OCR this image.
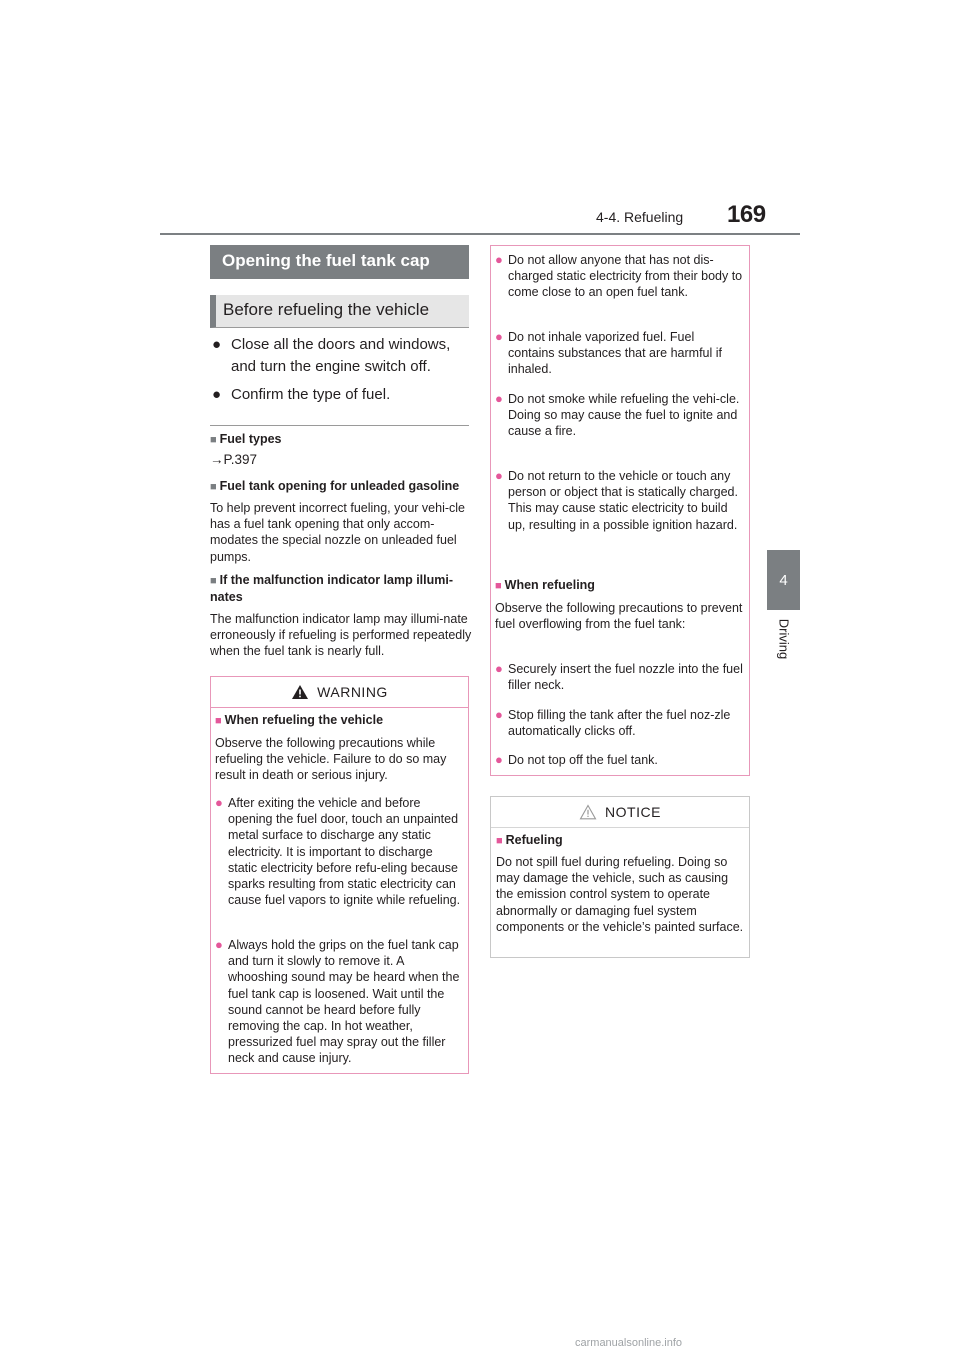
4-4. Refueling 169
4
Driving
Opening the fuel tank cap
Before refueling the vehicle
● Close all the doors and windows, and turn the engine switch off.
● Confirm the type of fuel.
■ Fuel types
→P.397
■ Fuel tank opening for unleaded gasoline
To help prevent incorrect fueling, your vehi-cle has a fuel tank opening that only accom-modates the special nozzle on unleaded fuel pumps.
■ If the malfunction indicator lamp illumi-nates
The malfunction indicator lamp may illumi-nate erroneously if refueling is performed repeatedly when the fuel tank is nearly full.
WARNING
■ When refueling the vehicle
Observe the following precautions while refueling the vehicle. Failure to do so may result in death or serious injury.
● After exiting the vehicle and before opening the fuel door, touch an unpainted metal surface to discharge any static electricity. It is important to discharge static electricity before refu-eling because sparks resulting from static electricity can cause fuel vapors to ignite while refueling.
● Always hold the grips on the fuel tank cap and turn it slowly to remove it. A whooshing sound may be heard when the fuel tank cap is loosened. Wait until the sound cannot be heard before fully removing the cap. In hot weather, pressurized fuel may spray out the filler neck and cause injury.
● Do not allow anyone that has not dis-charged static electricity from their body to come close to an open fuel tank.
● Do not inhale vaporized fuel. Fuel contains substances that are harmful if inhaled.
● Do not smoke while refueling the vehi-cle. Doing so may cause the fuel to ignite and cause a fire.
● Do not return to the vehicle or touch any person or object that is statically charged. This may cause static electricity to build up, resulting in a possible ignition hazard.
■ When refueling
Observe the following precautions to prevent fuel overflowing from the fuel tank:
● Securely insert the fuel nozzle into the fuel filler neck.
● Stop filling the tank after the fuel noz-zle automatically clicks off.
● Do not top off the fuel tank.
NOTICE
■ Refueling
Do not spill fuel during refueling. Doing so may damage the vehicle, such as causing the emission control system to operate abnormally or damaging fuel system components or the vehicle’s painted surface.
carmanualsonline.info
